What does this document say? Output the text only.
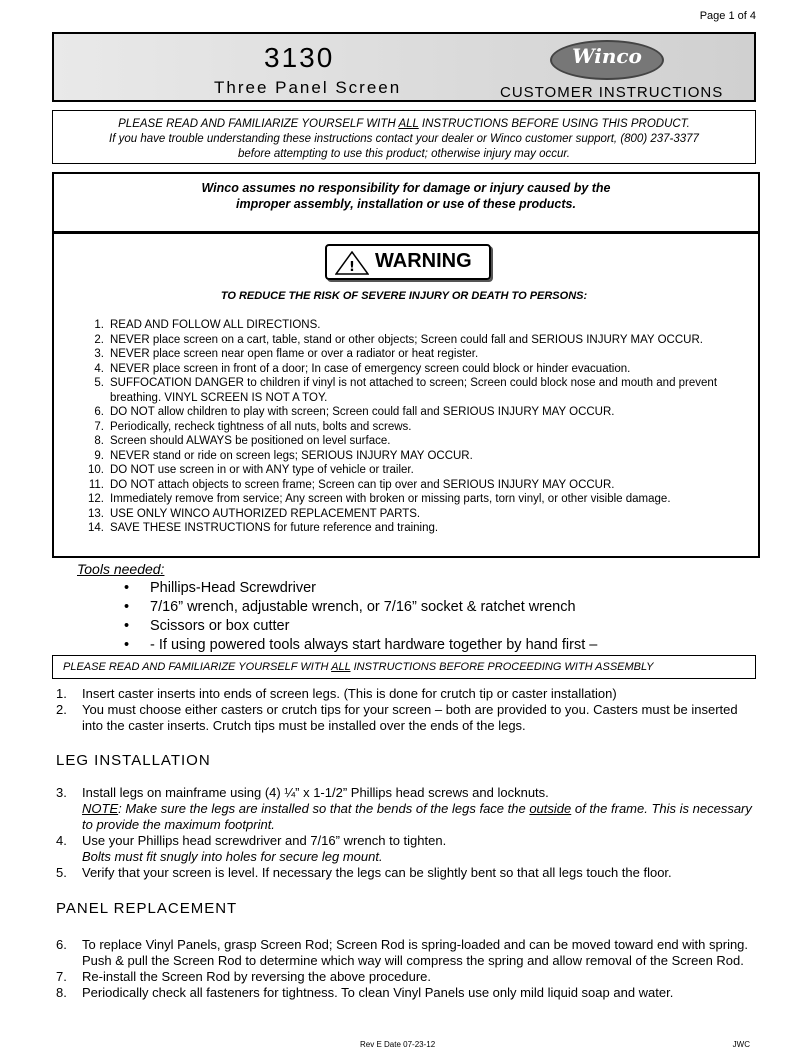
Page 1 of 4
3130
Three Panel Screen
Winco
CUSTOMER INSTRUCTIONS
PLEASE READ AND FAMILIARIZE YOURSELF WITH ALL INSTRUCTIONS BEFORE USING THIS PRODUCT.
If you have trouble understanding these instructions contact your dealer or Winco customer support, (800) 237-3377
before attempting to use this product; otherwise injury may occur.
Winco assumes no responsibility for damage or injury caused by the
improper assembly, installation or use of these products.
! WARNING
TO REDUCE THE RISK OF SEVERE INJURY OR DEATH TO PERSONS:
1. READ AND FOLLOW ALL DIRECTIONS.
2. NEVER place screen on a cart, table, stand or other objects; Screen could fall and SERIOUS INJURY MAY OCCUR.
3. NEVER place screen near open flame or over a radiator or heat register.
4. NEVER place screen in front of a door; In case of emergency screen could block or hinder evacuation.
5. SUFFOCATION DANGER to children if vinyl is not attached to screen; Screen could block nose and mouth and prevent breathing. VINYL SCREEN IS NOT A TOY.
6. DO NOT allow children to play with screen; Screen could fall and SERIOUS INJURY MAY OCCUR.
7. Periodically, recheck tightness of all nuts, bolts and screws.
8. Screen should ALWAYS be positioned on level surface.
9. NEVER stand or ride on screen legs; SERIOUS INJURY MAY OCCUR.
10. DO NOT use screen in or with ANY type of vehicle or trailer.
11. DO NOT attach objects to screen frame; Screen can tip over and SERIOUS INJURY MAY OCCUR.
12. Immediately remove from service; Any screen with broken or missing parts, torn vinyl, or other visible damage.
13. USE ONLY WINCO AUTHORIZED REPLACEMENT PARTS.
14. SAVE THESE INSTRUCTIONS for future reference and training.
Tools needed:
• Phillips-Head Screwdriver
• 7/16” wrench, adjustable wrench, or 7/16” socket & ratchet wrench
• Scissors or box cutter
• - If using powered tools always start hardware together by hand first –
PLEASE READ AND FAMILIARIZE YOURSELF WITH ALL INSTRUCTIONS BEFORE PROCEEDING WITH ASSEMBLY
1.	Insert caster inserts into ends of screen legs. (This is done for crutch tip or caster installation)
2.	You must choose either casters or crutch tips for your screen – both are provided to you. Casters must be inserted into the caster inserts. Crutch tips must be installed over the ends of the legs.
LEG INSTALLATION
3.	Install legs on mainframe using (4) ¼” x 1-1/2” Phillips head screws and locknuts.
NOTE: Make sure the legs are installed so that the bends of the legs face the outside of the frame. This is necessary to provide the maximum footprint.
4.	Use your Phillips head screwdriver and 7/16” wrench to tighten.
Bolts must fit snugly into holes for secure leg mount.
5.	Verify that your screen is level. If necessary the legs can be slightly bent so that all legs touch the floor.
PANEL REPLACEMENT
6.	To replace Vinyl Panels, grasp Screen Rod; Screen Rod is spring-loaded and can be moved toward end with spring. Push & pull the Screen Rod to determine which way will compress the spring and allow removal of the Screen Rod.
7.	Re-install the Screen Rod by reversing the above procedure.
8.	Periodically check all fasteners for tightness. To clean Vinyl Panels use only mild liquid soap and water.
Rev E Date 07-23-12	JWC
